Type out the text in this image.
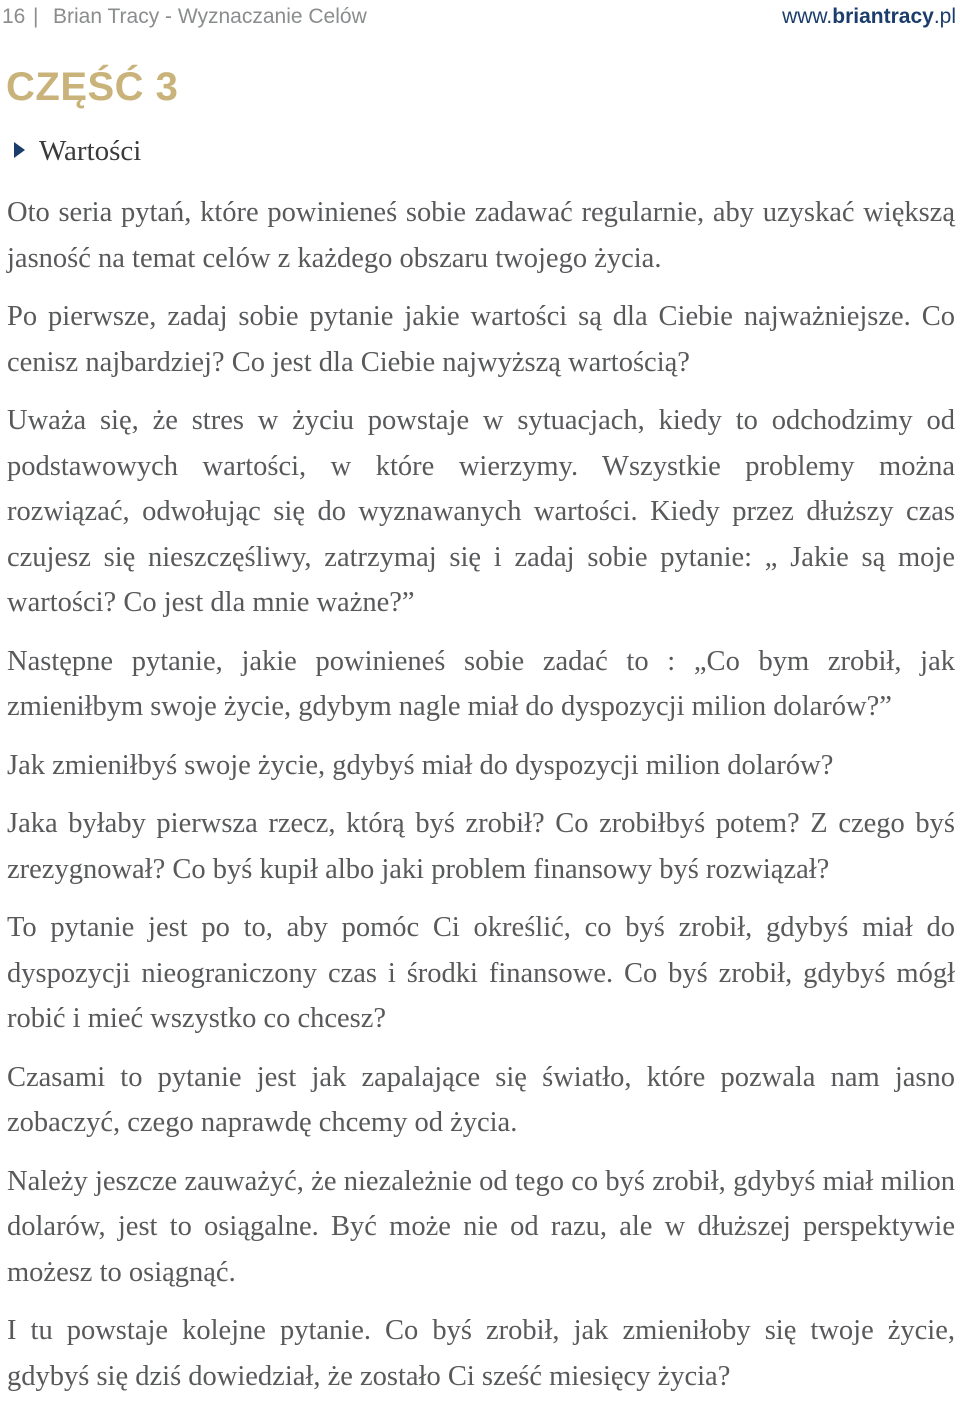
16 | Brian Tracy - Wyznaczanie Celów	www.briantracy.pl
CZĘŚĆ 3
Wartości

Oto seria pytań, które powinieneś sobie zadawać regularnie, aby uzyskać większą jasność na temat celów z każdego obszaru twojego życia.

Po pierwsze, zadaj sobie pytanie jakie wartości są dla Ciebie najważniejsze. Co cenisz najbardziej? Co jest dla Ciebie najwyższą wartością?

Uważa się, że stres w życiu powstaje w sytuacjach, kiedy to odchodzimy od podstawowych wartości, w które wierzymy. Wszystkie problemy można rozwiązać, odwołując się do wyznawanych wartości. Kiedy przez dłuższy czas czujesz się nieszczęśliwy, zatrzymaj się i zadaj sobie pytanie: „ Jakie są moje wartości? Co jest dla mnie ważne?”

Następne pytanie, jakie powinieneś sobie zadać to : „Co bym zrobił, jak zmieniłbym swoje życie, gdybym nagle miał do dyspozycji milion dolarów?”

Jak zmieniłbyś swoje życie, gdybyś miał do dyspozycji milion dolarów?

Jaka byłaby pierwsza rzecz, którą byś zrobił? Co zrobiłbyś potem? Z czego byś zrezygnował? Co byś kupił albo jaki problem finansowy byś rozwiązał?

To pytanie jest po to, aby pomóc Ci określić, co byś zrobił, gdybyś miał do dyspozycji nieograniczony czas i środki finansowe. Co byś zrobił, gdybyś mógł robić i mieć wszystko co chcesz?

Czasami to pytanie jest jak zapalające się światło, które pozwala nam jasno zobaczyć, czego naprawdę chcemy od życia.

Należy jeszcze zauważyć, że niezależnie od tego co byś zrobił, gdybyś miał milion dolarów, jest to osiągalne. Być może nie od razu, ale w dłuższej perspektywie możesz to osiągnąć.

I tu powstaje kolejne pytanie. Co byś zrobił, jak zmieniłoby się twoje życie, gdybyś się dziś dowiedział, że zostało Ci sześć miesięcy życia?
